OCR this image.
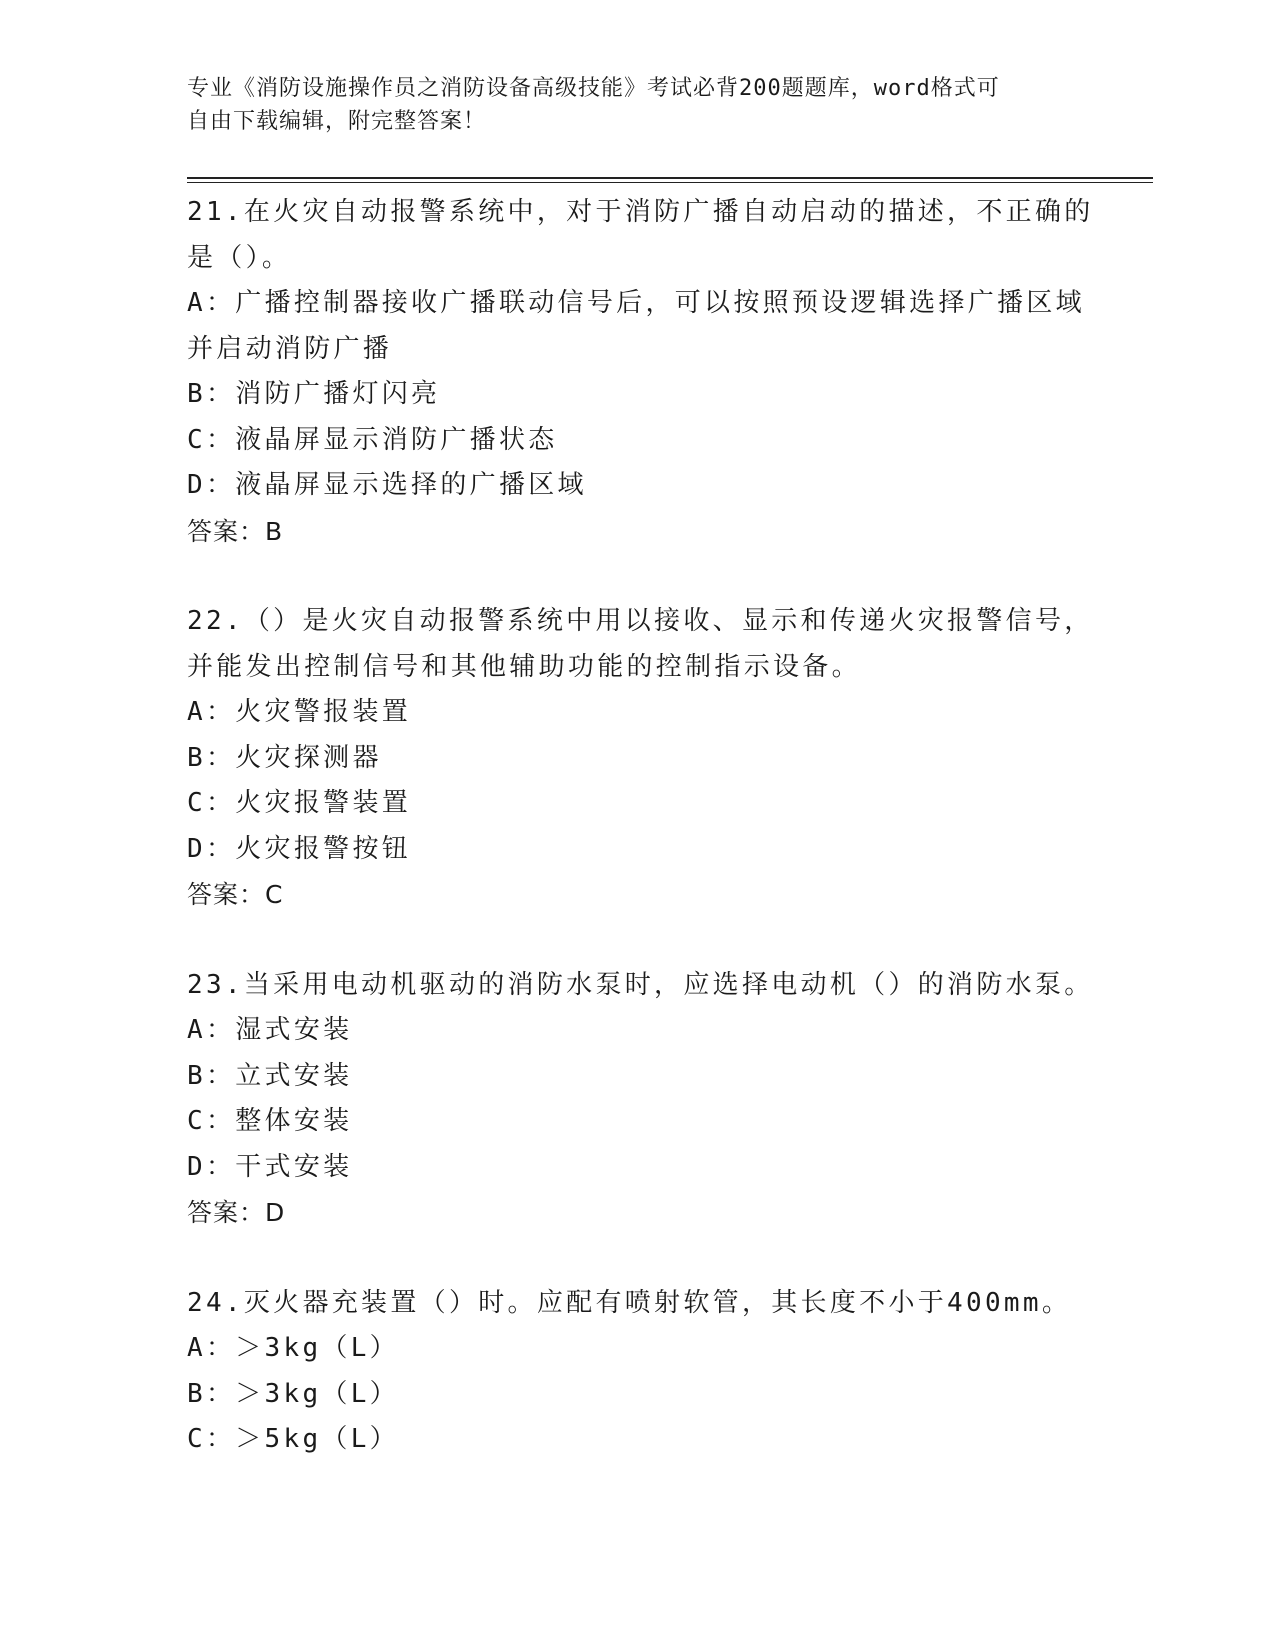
专业《消防设施操作员之消防设备高级技能》考试必背200题题库，word格式可
自由下载编辑，附完整答案！
21.在火灾自动报警系统中，对于消防广播自动启动的描述，不正确的
是（）。
A：广播控制器接收广播联动信号后，可以按照预设逻辑选择广播区域
并启动消防广播
B：消防广播灯闪亮
C：液晶屏显示消防广播状态
D：液晶屏显示选择的广播区域
答案：B
22.（）是火灾自动报警系统中用以接收、显示和传递火灾报警信号，
并能发出控制信号和其他辅助功能的控制指示设备。
A：火灾警报装置
B：火灾探测器
C：火灾报警装置
D：火灾报警按钮
答案：C
23.当采用电动机驱动的消防水泵时，应选择电动机（）的消防水泵。
A：湿式安装
B：立式安装
C：整体安装
D：干式安装
答案：D
24.灭火器充装置（）时。应配有喷射软管，其长度不小于400mm。
A：＞3kg（L）
B：＞3kg（L）
C：＞5kg（L）
